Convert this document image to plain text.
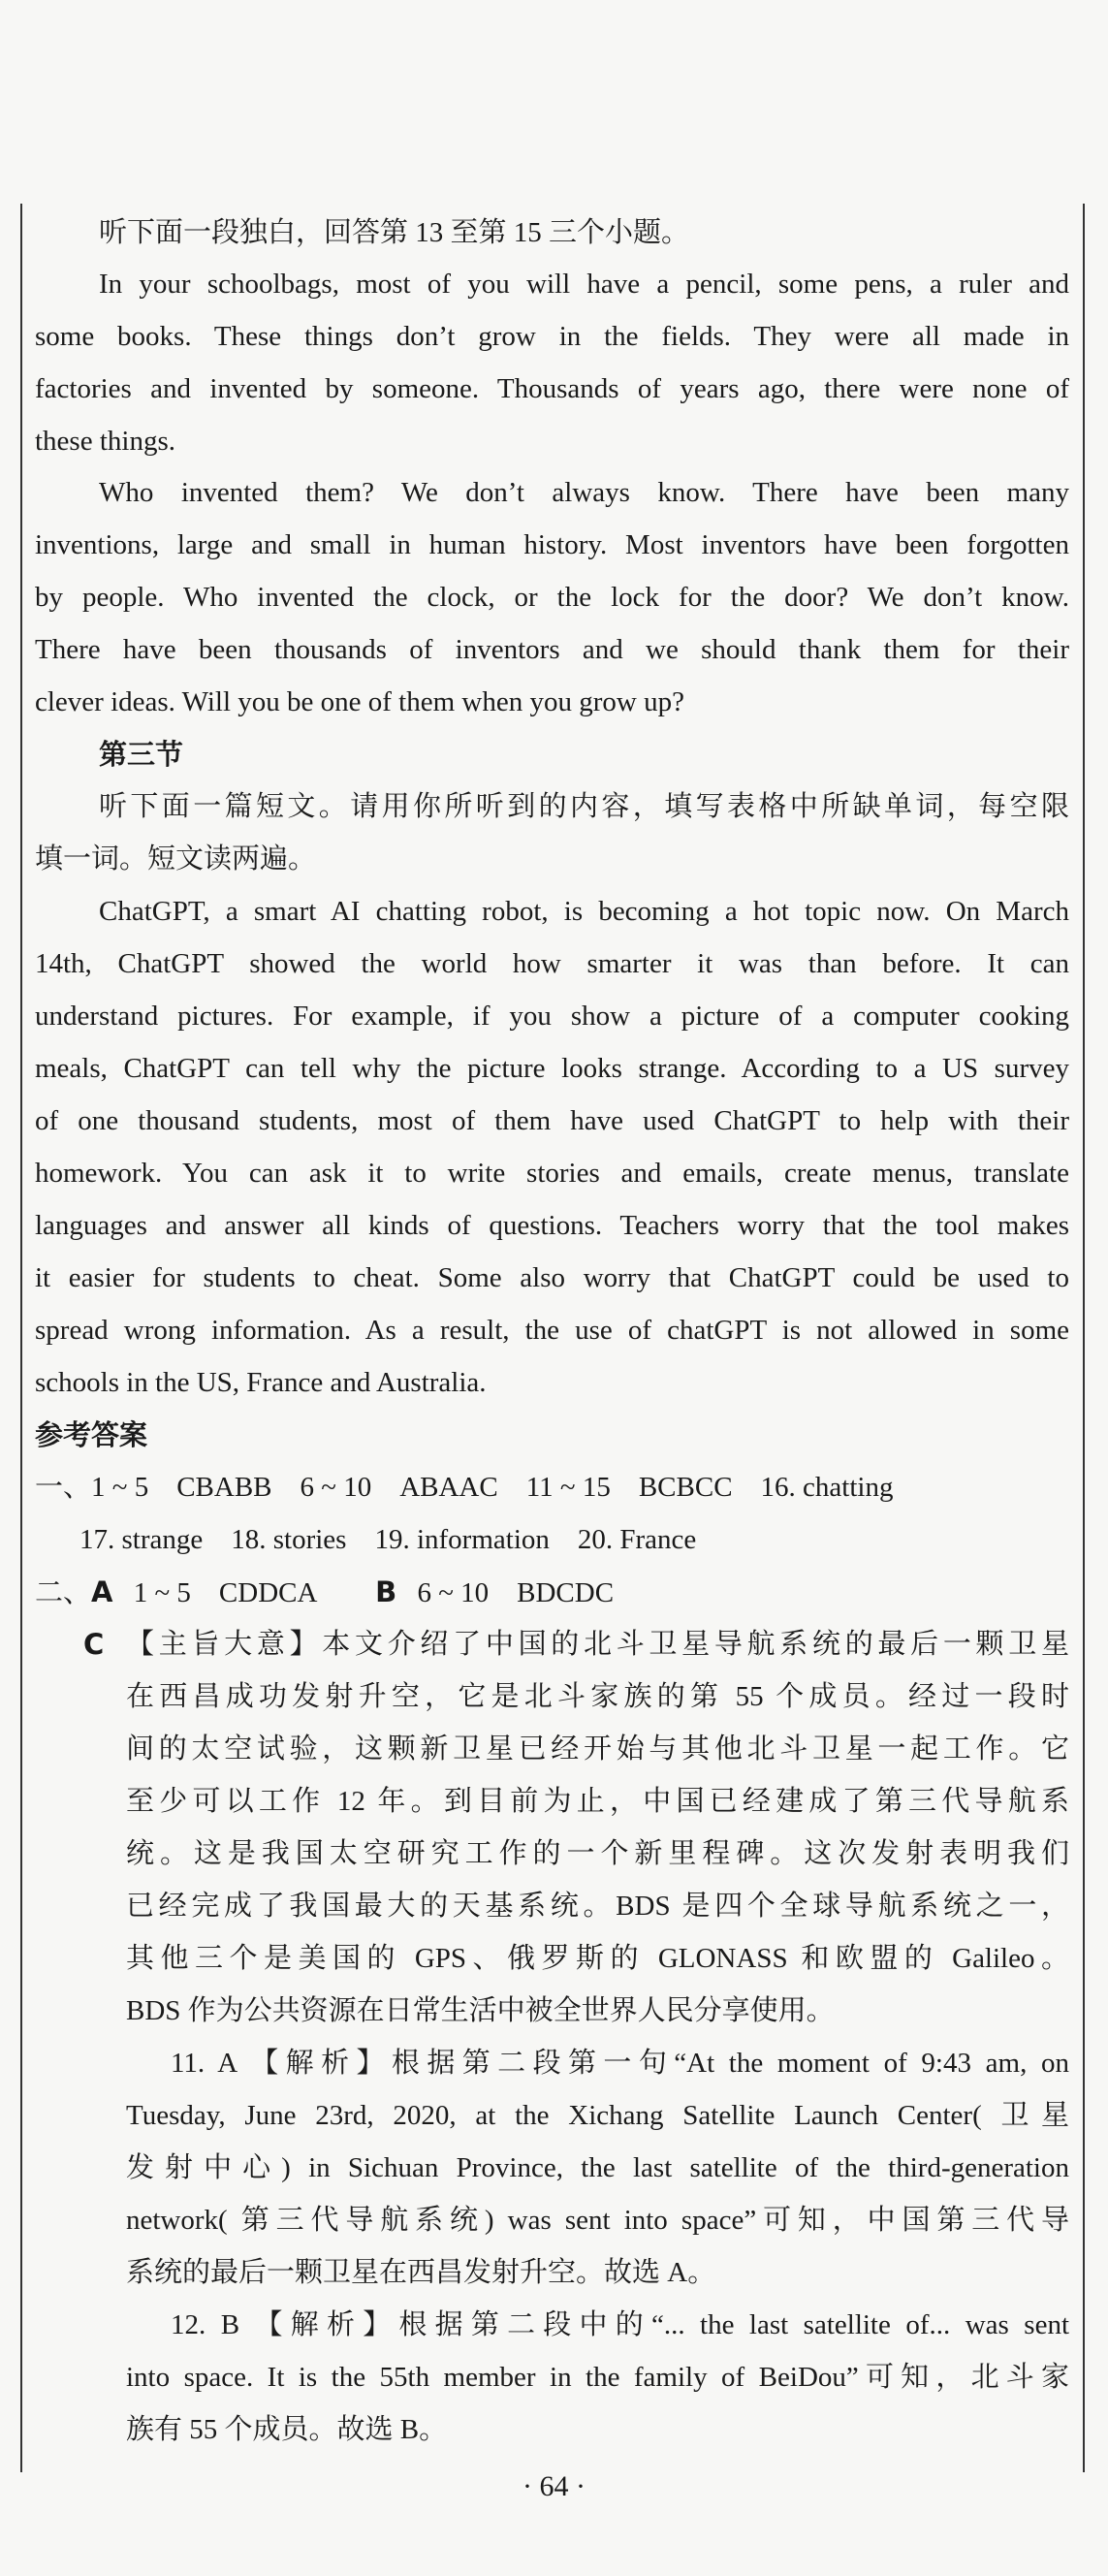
听下面一段独白，回答第 13 至第 15 三个小题。
In your schoolbags, most of you will have a pencil, some pens, a ruler and
some books. These things don’t grow in the fields. They were all made in
factories and invented by someone. Thousands of years ago, there were none of
these things.
Who invented them? We don’t always know. There have been many
inventions, large and small in human history. Most inventors have been forgotten
by people. Who invented the clock, or the lock for the door? We don’t know.
There have been thousands of inventors and we should thank them for their
clever ideas. Will you be one of them when you grow up?
第三节
听下面一篇短文。请用你所听到的内容，填写表格中所缺单词，每空限
填一词。短文读两遍。
ChatGPT, a smart AI chatting robot, is becoming a hot topic now. On March
14th, ChatGPT showed the world how smarter it was than before. It can
understand pictures. For example, if you show a picture of a computer cooking
meals, ChatGPT can tell why the picture looks strange. According to a US survey
of one thousand students, most of them have used ChatGPT to help with their
homework. You can ask it to write stories and emails, create menus, translate
languages and answer all kinds of questions. Teachers worry that the tool makes
it easier for students to cheat. Some also worry that ChatGPT could be used to
spread wrong information. As a result, the use of chatGPT is not allowed in some
schools in the US, France and Australia.
参考答案
一、1 ~ 5　CBABB　6 ~ 10　ABAAC　11 ~ 15　BCBCC　16. chatting
17. strange　18. stories　19. information　20. France
二、A 1 ~ 5　CDDCA B 6 ~ 10　BDCDC
C 【主旨大意】本文介绍了中国的北斗卫星导航系统的最后一颗卫星
在西昌成功发射升空，它是北斗家族的第 55 个成员。经过一段时
间的太空试验，这颗新卫星已经开始与其他北斗卫星一起工作。它
至少可以工作 12 年。到目前为止，中国已经建成了第三代导航系
统。这是我国太空研究工作的一个新里程碑。这次发射表明我们
已经完成了我国最大的天基系统。BDS 是四个全球导航系统之一，
其他三个是美国的 GPS、俄罗斯的 GLONASS 和欧盟的 Galileo。
BDS 作为公共资源在日常生活中被全世界人民分享使用。
11. A 【解析】根据第二段第一句“At the moment of 9:43 am, on
Tuesday, June 23rd, 2020, at the Xichang Satellite Launch Center( 卫星
发射中心) in Sichuan Province, the last satellite of the third-generation
network( 第三代导航系统) was sent into space”可知，中国第三代导
系统的最后一颗卫星在西昌发射升空。故选 A。
12. B 【解析】根据第二段中的“... the last satellite of... was sent
into space. It is the 55th member in the family of BeiDou”可知，北斗家
族有 55 个成员。故选 B。
· 64 ·
